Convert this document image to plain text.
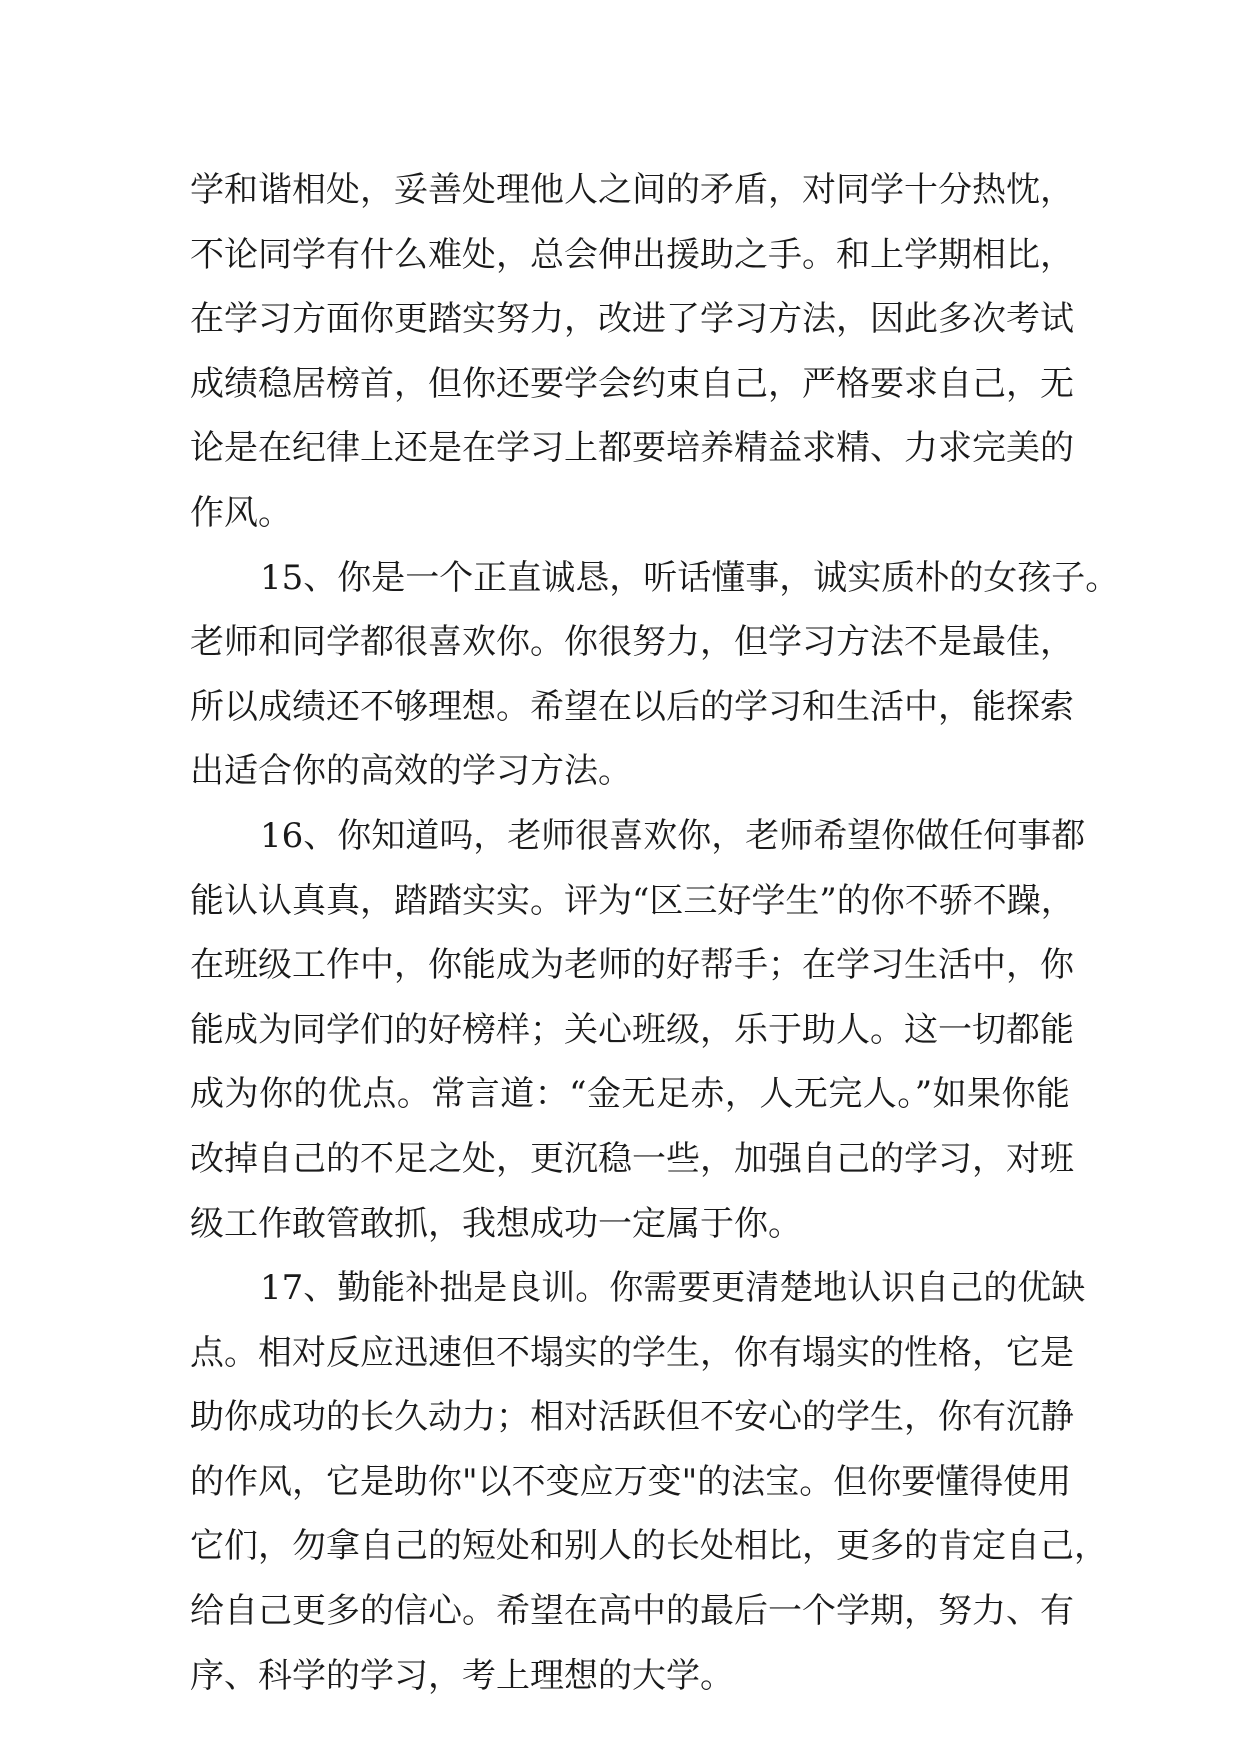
学和谐相处，妥善处理他人之间的矛盾，对同学十分热忱，
不论同学有什么难处，总会伸出援助之手。和上学期相比，
在学习方面你更踏实努力，改进了学习方法，因此多次考试
成绩稳居榜首，但你还要学会约束自己，严格要求自己，无
论是在纪律上还是在学习上都要培养精益求精、力求完美的
作风。
15、你是一个正直诚恳，听话懂事，诚实质朴的女孩子。
老师和同学都很喜欢你。你很努力，但学习方法不是最佳，
所以成绩还不够理想。希望在以后的学习和生活中，能探索
出适合你的高效的学习方法。
16、你知道吗，老师很喜欢你，老师希望你做任何事都
能认认真真，踏踏实实。评为“区三好学生”的你不骄不躁，
在班级工作中，你能成为老师的好帮手；在学习生活中，你
能成为同学们的好榜样；关心班级，乐于助人。这一切都能
成为你的优点。常言道：“金无足赤，人无完人。”如果你能
改掉自己的不足之处，更沉稳一些，加强自己的学习，对班
级工作敢管敢抓，我想成功一定属于你。
17、勤能补拙是良训。你需要更清楚地认识自己的优缺
点。相对反应迅速但不塌实的学生，你有塌实的性格，它是
助你成功的长久动力；相对活跃但不安心的学生，你有沉静
的作风，它是助你"以不变应万变"的法宝。但你要懂得使用
它们，勿拿自己的短处和别人的长处相比，更多的肯定自己，
给自己更多的信心。希望在高中的最后一个学期，努力、有
序、科学的学习，考上理想的大学。
